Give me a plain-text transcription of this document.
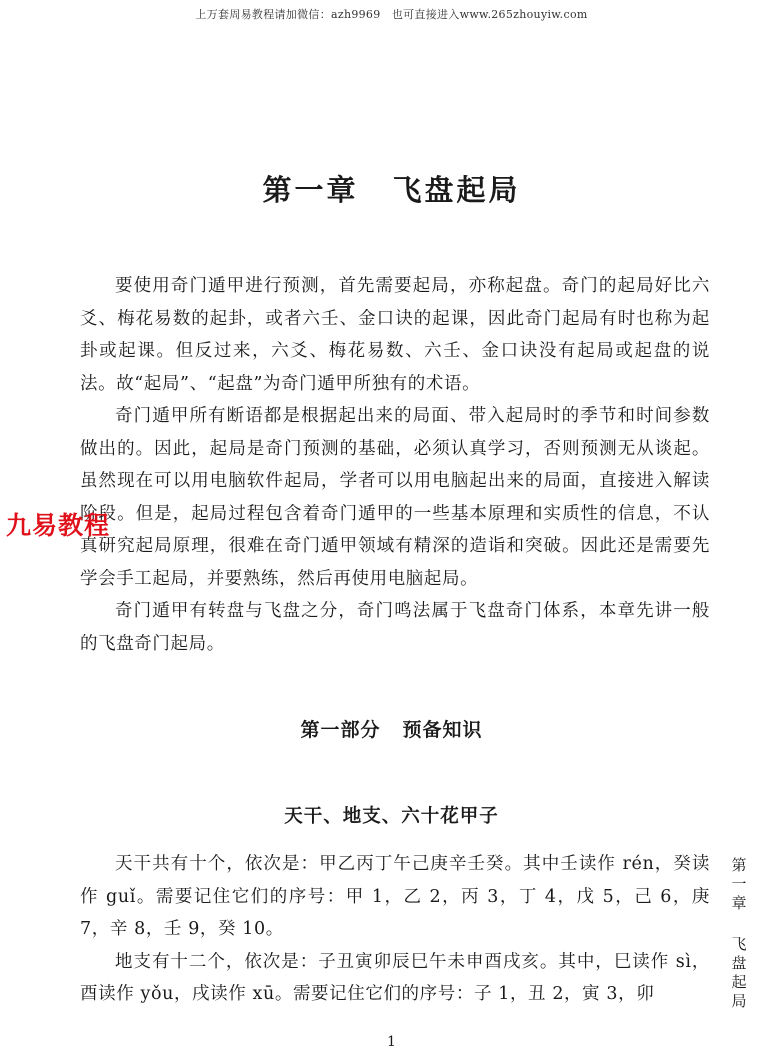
上万套周易教程请加微信：azh9969　也可直接进入www.265zhouyiw.com
第一章 飞盘起局

要使用奇门遁甲进行预测，首先需要起局，亦称起盘。奇门的起局好比六爻、梅花易数的起卦，或者六壬、金口诀的起课，因此奇门起局有时也称为起卦或起课。但反过来，六爻、梅花易数、六壬、金口诀没有起局或起盘的说法。故“起局”、“起盘”为奇门遁甲所独有的术语。

奇门遁甲所有断语都是根据起出来的局面、带入起局时的季节和时间参数做出的。因此，起局是奇门预测的基础，必须认真学习，否则预测无从谈起。虽然现在可以用电脑软件起局，学者可以用电脑起出来的局面，直接进入解读阶段。但是，起局过程包含着奇门遁甲的一些基本原理和实质性的信息，不认真研究起局原理，很难在奇门遁甲领域有精深的造诣和突破。因此还是需要先学会手工起局，并要熟练，然后再使用电脑起局。

奇门遁甲有转盘与飞盘之分，奇门鸣法属于飞盘奇门体系，本章先讲一般的飞盘奇门起局。

九易教程
第一部分 预备知识
天干、地支、六十花甲子

天干共有十个，依次是：甲乙丙丁午己庚辛壬癸。其中壬读作 rén，癸读作 guǐ。需要记住它们的序号：甲 1，乙 2，丙 3，丁 4，戊 5，己 6，庚 7，辛 8，壬 9，癸 10。

地支有十二个，依次是：子丑寅卯辰巳午未申酉戌亥。其中，巳读作 sì，酉读作 yǒu，戌读作 xū。需要记住它们的序号：子 1，丑 2，寅 3，卯

第
一
章
飞
盘
起
局
1
